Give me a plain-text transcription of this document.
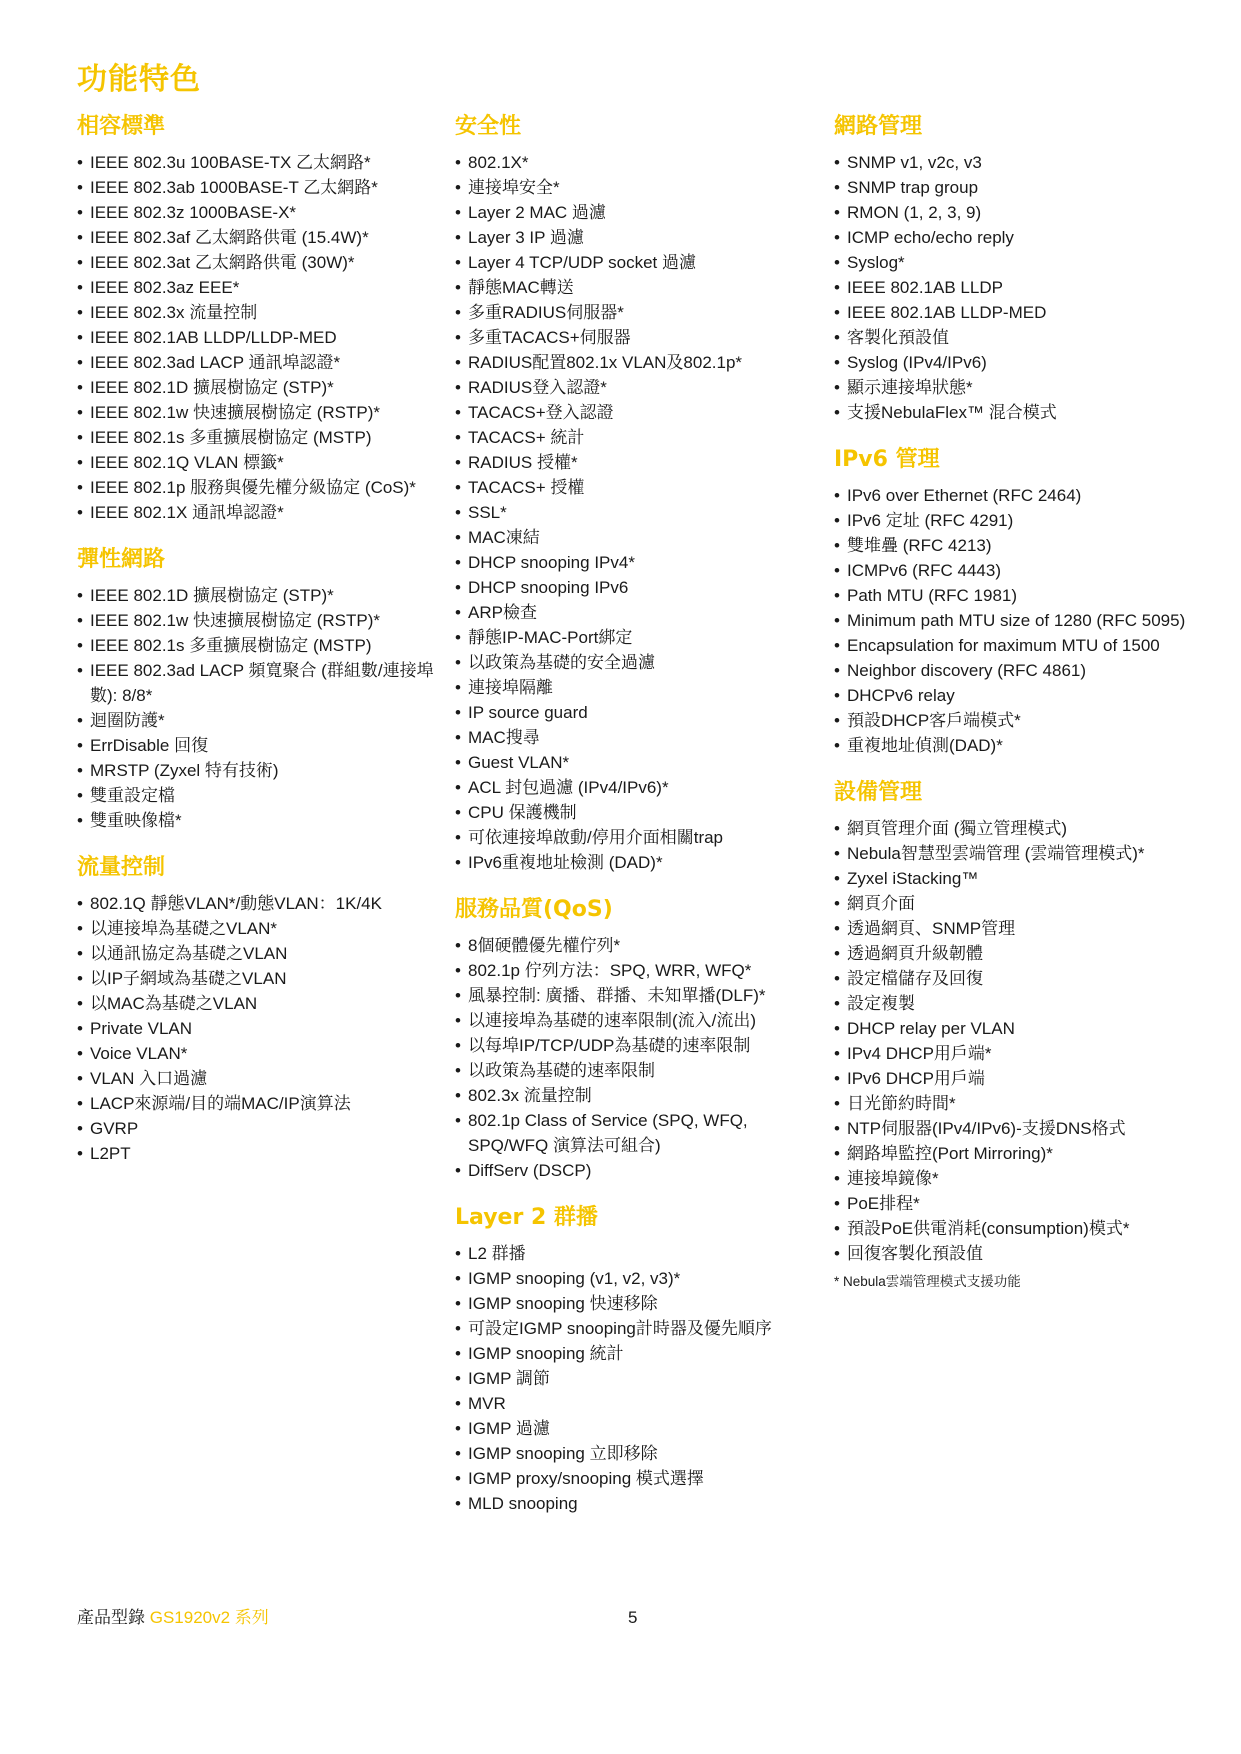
功能特色
相容標準
• IEEE 802.3u 100BASE-TX 乙太網路*
• IEEE 802.3ab 1000BASE-T 乙太網路*
• IEEE 802.3z 1000BASE-X*
• IEEE 802.3af 乙太網路供電 (15.4W)*
• IEEE 802.3at 乙太網路供電 (30W)*
• IEEE 802.3az EEE*
• IEEE 802.3x 流量控制
• IEEE 802.1AB LLDP/LLDP-MED
• IEEE 802.3ad LACP 通訊埠認證*
• IEEE 802.1D 擴展樹協定 (STP)*
• IEEE 802.1w 快速擴展樹協定 (RSTP)*
• IEEE 802.1s 多重擴展樹協定 (MSTP)
• IEEE 802.1Q VLAN 標籤*
• IEEE 802.1p 服務與優先權分級協定 (CoS)*
• IEEE 802.1X 通訊埠認證*
彈性網路
• IEEE 802.1D 擴展樹協定 (STP)*
• IEEE 802.1w 快速擴展樹協定 (RSTP)*
• IEEE 802.1s 多重擴展樹協定 (MSTP)
• IEEE 802.3ad LACP 頻寬聚合 (群組數/連接埠數): 8/8*
• 迴圈防護*
• ErrDisable 回復
• MRSTP (Zyxel 特有技術)
• 雙重設定檔
• 雙重映像檔*
流量控制
• 802.1Q 靜態VLAN*/動態VLAN：1K/4K
• 以連接埠為基礎之VLAN*
• 以通訊協定為基礎之VLAN
• 以IP子網域為基礎之VLAN
• 以MAC為基礎之VLAN
• Private VLAN
• Voice VLAN*
• VLAN 入口過濾
• LACP來源端/目的端MAC/IP演算法
• GVRP
• L2PT
安全性
• 802.1X*
• 連接埠安全*
• Layer 2 MAC 過濾
• Layer 3 IP 過濾
• Layer 4 TCP/UDP socket 過濾
• 靜態MAC轉送
• 多重RADIUS伺服器*
• 多重TACACS+伺服器
• RADIUS配置802.1x VLAN及802.1p*
• RADIUS登入認證*
• TACACS+登入認證
• TACACS+ 統計
• RADIUS 授權*
• TACACS+ 授權
• SSL*
• MAC凍結
• DHCP snooping IPv4*
• DHCP snooping IPv6
• ARP檢查
• 靜態IP-MAC-Port綁定
• 以政策為基礎的安全過濾
• 連接埠隔離
• IP source guard
• MAC搜尋
• Guest VLAN*
• ACL 封包過濾 (IPv4/IPv6)*
• CPU 保護機制
• 可依連接埠啟動/停用介面相關trap
• IPv6重複地址檢測 (DAD)*
服務品質(QoS)
• 8個硬體優先權佇列*
• 802.1p 佇列方法：SPQ, WRR, WFQ*
• 風暴控制: 廣播、群播、未知單播(DLF)*
• 以連接埠為基礎的速率限制(流入/流出)
• 以每埠IP/TCP/UDP為基礎的速率限制
• 以政策為基礎的速率限制
• 802.3x 流量控制
• 802.1p Class of Service (SPQ, WFQ, SPQ/WFQ 演算法可組合)
• DiffServ (DSCP)
Layer 2 群播
• L2 群播
• IGMP snooping (v1, v2, v3)*
• IGMP snooping 快速移除
• 可設定IGMP snooping計時器及優先順序
• IGMP snooping 統計
• IGMP 調節
• MVR
• IGMP 過濾
• IGMP snooping 立即移除
• IGMP proxy/snooping 模式選擇
• MLD snooping
網路管理
• SNMP v1, v2c, v3
• SNMP trap group
• RMON (1, 2, 3, 9)
• ICMP echo/echo reply
• Syslog*
• IEEE 802.1AB LLDP
• IEEE 802.1AB LLDP-MED
• 客製化預設值
• Syslog (IPv4/IPv6)
• 顯示連接埠狀態*
• 支援NebulaFlex™ 混合模式
IPv6 管理
• IPv6 over Ethernet (RFC 2464)
• IPv6 定址 (RFC 4291)
• 雙堆疊 (RFC 4213)
• ICMPv6 (RFC 4443)
• Path MTU (RFC 1981)
• Minimum path MTU size of 1280 (RFC 5095)
• Encapsulation for maximum MTU of 1500
• Neighbor discovery (RFC 4861)
• DHCPv6 relay
• 預設DHCP客戶端模式*
• 重複地址偵測(DAD)*
設備管理
• 網頁管理介面 (獨立管理模式)
• Nebula智慧型雲端管理 (雲端管理模式)*
• Zyxel iStacking™
• 網頁介面
• 透過網頁、SNMP管理
• 透過網頁升級韌體
• 設定檔儲存及回復
• 設定複製
• DHCP relay per VLAN
• IPv4 DHCP用戶端*
• IPv6 DHCP用戶端
• 日光節約時間*
• NTP伺服器(IPv4/IPv6)-支援DNS格式
• 網路埠監控(Port Mirroring)*
• 連接埠鏡像*
• PoE排程*
• 預設PoE供電消耗(consumption)模式*
• 回復客製化預設值
* Nebula雲端管理模式支援功能
產品型錄 GS1920v2 系列	5
